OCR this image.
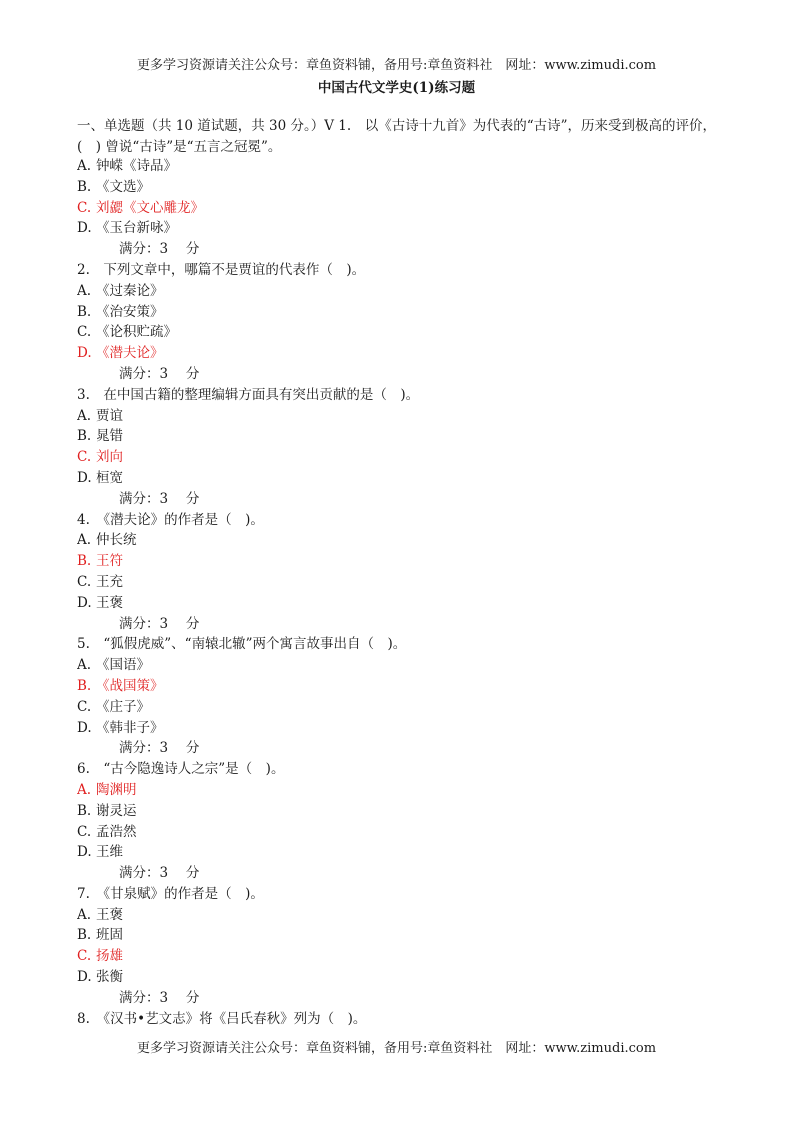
更多学习资源请关注公众号：章鱼资料铺，备用号:章鱼资料社　网址：www.zimudi.com
中国古代文学史(1)练习题
一、单选题（共 10 道试题，共 30 分。）V 1.　以《古诗十九首》为代表的“古诗”，历来受到极高的评价，(　) 曾说“古诗”是“五言之冠冕”。
A. 钟嵘《诗品》
B. 《文选》
C. 刘勰《文心雕龙》
D. 《玉台新咏》
满分：3　 分
2.　下列文章中，哪篇不是贾谊的代表作（　)。
A. 《过秦论》
B. 《治安策》
C. 《论积贮疏》
D. 《潜夫论》
满分：3　 分
3.　在中国古籍的整理编辑方面具有突出贡献的是（　)。
A. 贾谊
B. 晁错
C. 刘向
D. 桓宽
满分：3　 分
4.　《潜夫论》的作者是（　)。
A. 仲长统
B. 王符
C. 王充
D. 王褒
满分：3　 分
5.　“狐假虎威”、“南辕北辙”两个寓言故事出自（　)。
A. 《国语》
B. 《战国策》
C. 《庄子》
D. 《韩非子》
满分：3　 分
6.　“古今隐逸诗人之宗”是（　)。
A. 陶渊明
B. 谢灵运
C. 孟浩然
D. 王维
满分：3　 分
7.　《甘泉赋》的作者是（　)。
A. 王褒
B. 班固
C. 扬雄
D. 张衡
满分：3　 分
8.　《汉书•艺文志》将《吕氏春秋》列为（　)。
更多学习资源请关注公众号：章鱼资料铺，备用号:章鱼资料社　网址：www.zimudi.com
